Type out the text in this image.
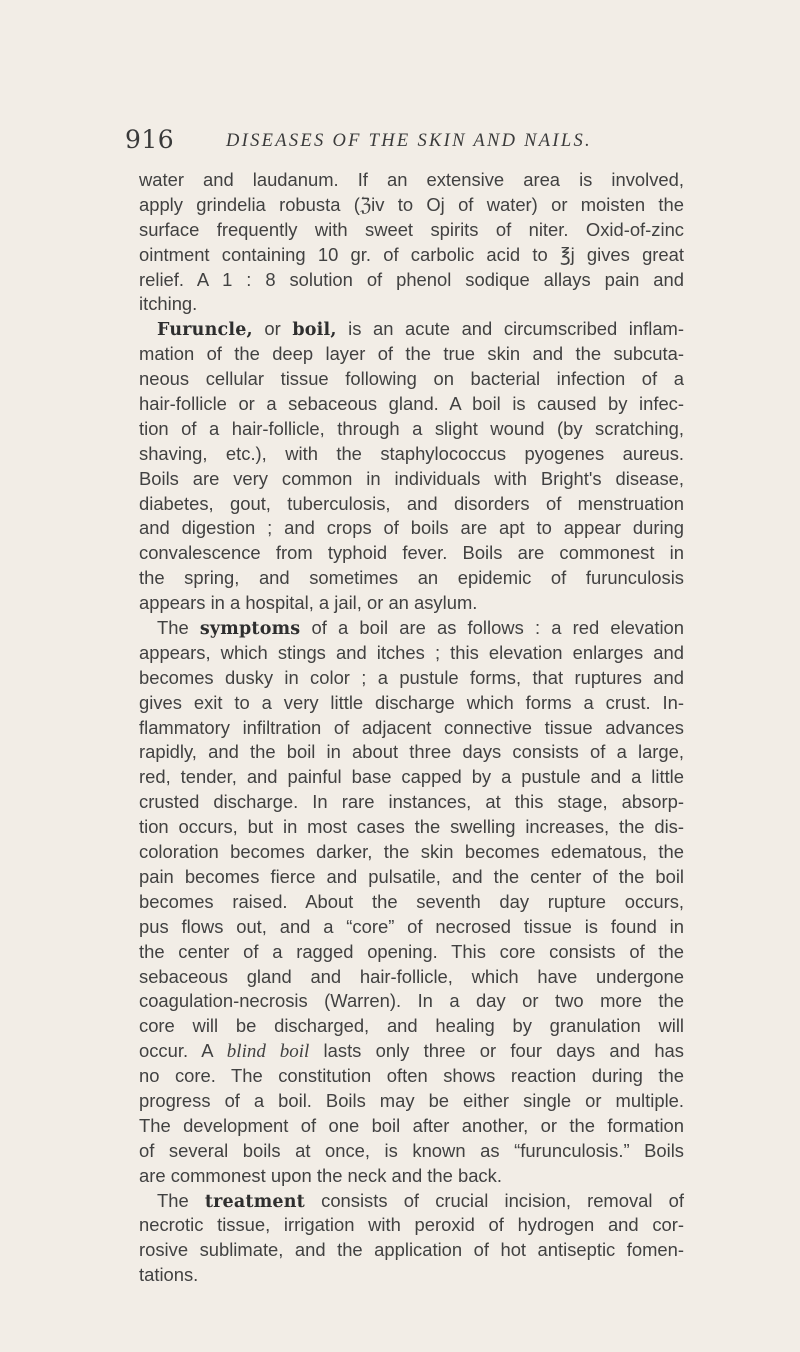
916	DISEASES OF THE SKIN AND NAILS.
water and laudanum. If an extensive area is involved,
apply grindelia robusta (ℨiv to Oj of water) or moisten the
surface frequently with sweet spirits of niter. Oxid-of-zinc
ointment containing 10 gr. of carbolic acid to ℥j gives great
relief. A 1 : 8 solution of phenol sodique allays pain and
itching.
Furuncle, or boil, is an acute and circumscribed inflam-
mation of the deep layer of the true skin and the subcuta-
neous cellular tissue following on bacterial infection of a
hair-follicle or a sebaceous gland. A boil is caused by infec-
tion of a hair-follicle, through a slight wound (by scratching,
shaving, etc.), with the staphylococcus pyogenes aureus.
Boils are very common in individuals with Bright's disease,
diabetes, gout, tuberculosis, and disorders of menstruation
and digestion ; and crops of boils are apt to appear during
convalescence from typhoid fever. Boils are commonest in
the spring, and sometimes an epidemic of furunculosis
appears in a hospital, a jail, or an asylum.
The symptoms of a boil are as follows : a red elevation
appears, which stings and itches ; this elevation enlarges and
becomes dusky in color ; a pustule forms, that ruptures and
gives exit to a very little discharge which forms a crust. In-
flammatory infiltration of adjacent connective tissue advances
rapidly, and the boil in about three days consists of a large,
red, tender, and painful base capped by a pustule and a little
crusted discharge. In rare instances, at this stage, absorp-
tion occurs, but in most cases the swelling increases, the dis-
coloration becomes darker, the skin becomes edematous, the
pain becomes fierce and pulsatile, and the center of the boil
becomes raised. About the seventh day rupture occurs,
pus flows out, and a “core” of necrosed tissue is found in
the center of a ragged opening. This core consists of the
sebaceous gland and hair-follicle, which have undergone
coagulation-necrosis (Warren). In a day or two more the
core will be discharged, and healing by granulation will
occur. A blind boil lasts only three or four days and has
no core. The constitution often shows reaction during the
progress of a boil. Boils may be either single or multiple.
The development of one boil after another, or the formation
of several boils at once, is known as “furunculosis.” Boils
are commonest upon the neck and the back.
The treatment consists of crucial incision, removal of
necrotic tissue, irrigation with peroxid of hydrogen and cor-
rosive sublimate, and the application of hot antiseptic fomen-
tations.
